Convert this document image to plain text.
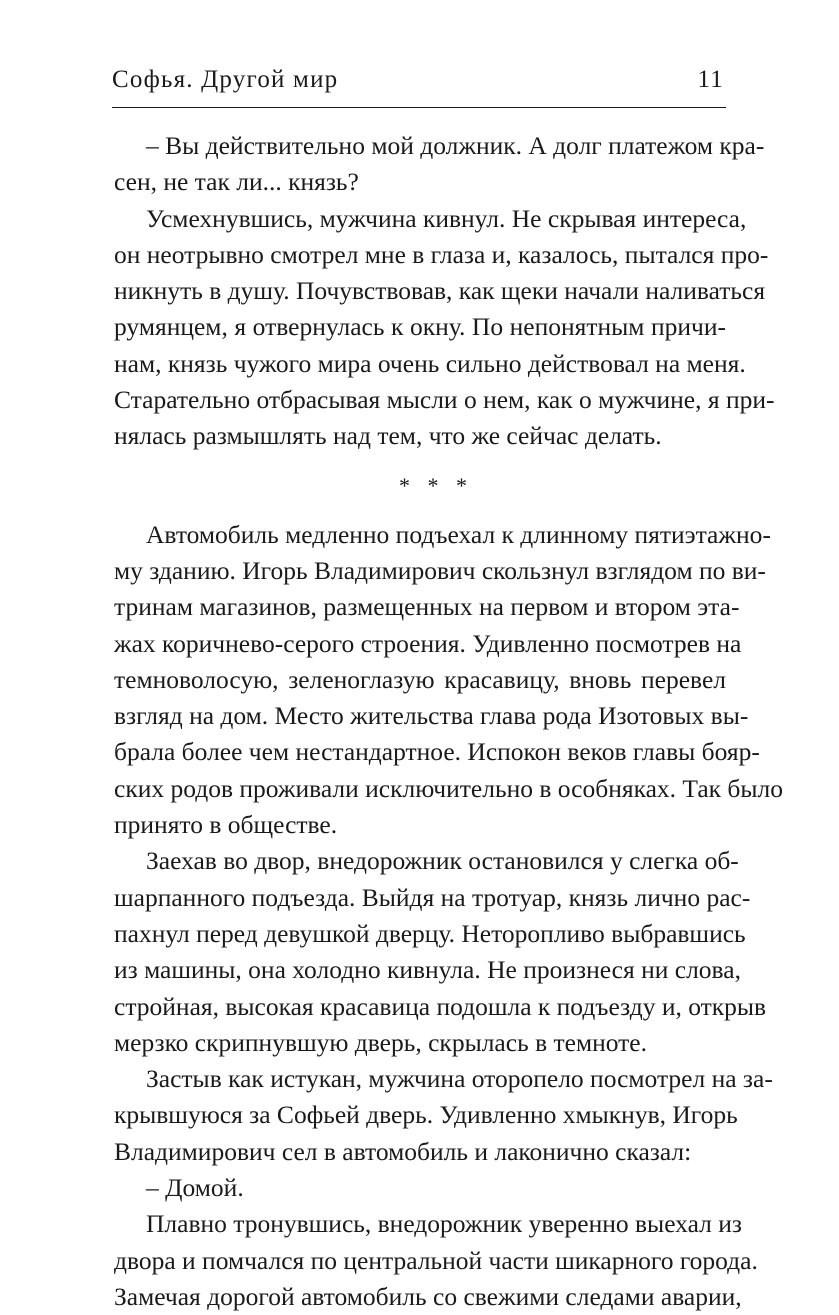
Софья. Другой мир	11
– Вы действительно мой должник. А долг платежом кра-
сен, не так ли... князь?
Усмехнувшись, мужчина кивнул. Не скрывая интереса,
он неотрывно смотрел мне в глаза и, казалось, пытался про-
никнуть в душу. Почувствовав, как щеки начали наливаться
румянцем, я отвернулась к окну. По непонятным причи-
нам, князь чужого мира очень сильно действовал на меня.
Старательно отбрасывая мысли о нем, как о мужчине, я при-
нялась размышлять над тем, что же сейчас делать.
* * *
Автомобиль медленно подъехал к длинному пятиэтажно-
му зданию. Игорь Владимирович скользнул взглядом по ви-
тринам магазинов, размещенных на первом и втором эта-
жах коричнево-серого строения. Удивленно посмотрев на
темноволосую, зеленоглазую красавицу, вновь перевел
взгляд на дом. Место жительства глава рода Изотовых вы-
брала более чем нестандартное. Испокон веков главы бояр-
ских родов проживали исключительно в особняках. Так было
принято в обществе.
Заехав во двор, внедорожник остановился у слегка об-
шарпанного подъезда. Выйдя на тротуар, князь лично рас-
пахнул перед девушкой дверцу. Неторопливо выбравшись
из машины, она холодно кивнула. Не произнеся ни слова,
стройная, высокая красавица подошла к подъезду и, открыв
мерзко скрипнувшую дверь, скрылась в темноте.
Застыв как истукан, мужчина оторопело посмотрел на за-
крывшуюся за Софьей дверь. Удивленно хмыкнув, Игорь
Владимирович сел в автомобиль и лаконично сказал:
– Домой.
Плавно тронувшись, внедорожник уверенно выехал из
двора и помчался по центральной части шикарного города.
Замечая дорогой автомобиль со свежими следами аварии,
